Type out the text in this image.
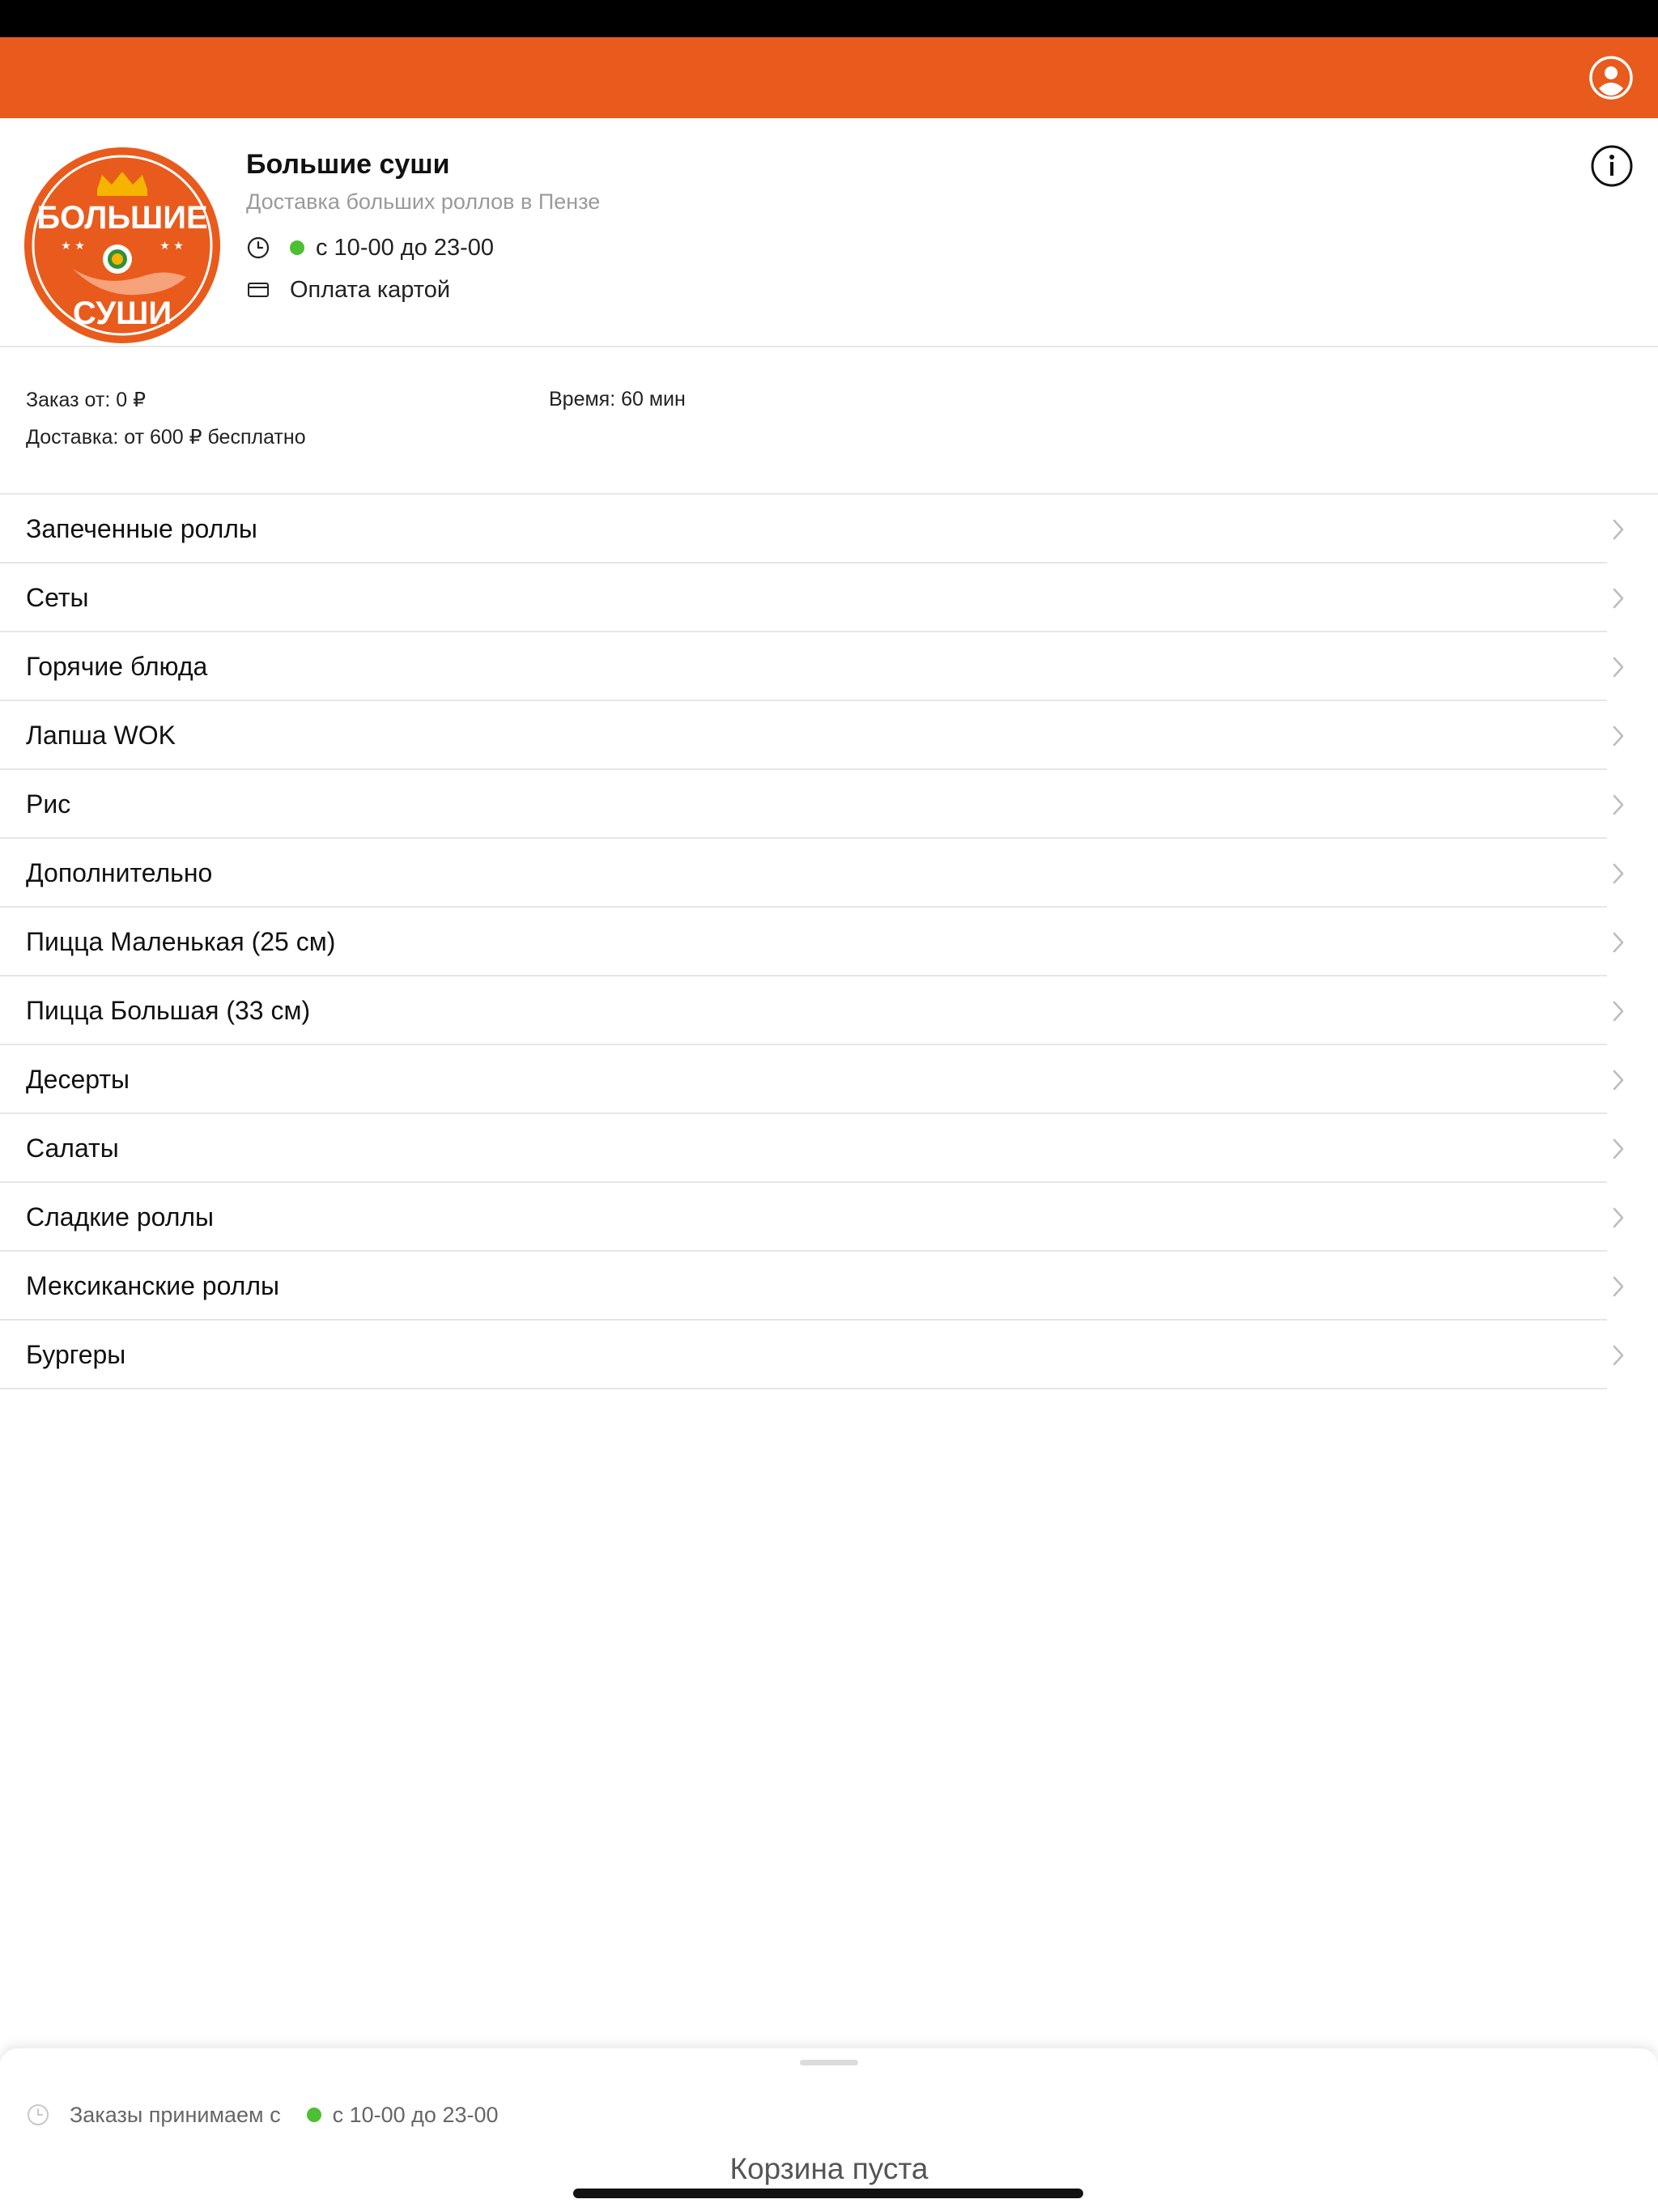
БОЛЬШИЕ
★ ★	★ ★
СУШИ
Большие суши
Доставка больших роллов в Пензе
с 10-00 до 23-00
Оплата картой
Заказ от: 0 ₽
Доставка: от 600 ₽ бесплатно
Время: 60 мин
Запеченные роллы
Сеты
Горячие блюда
Лапша WOK
Рис
Дополнительно
Пицца Маленькая (25 см)
Пицца Большая (33 см)
Десерты
Салаты
Сладкие роллы
Мексиканские роллы
Бургеры
Заказы принимаем с с 10-00 до 23-00
Корзина пуста
